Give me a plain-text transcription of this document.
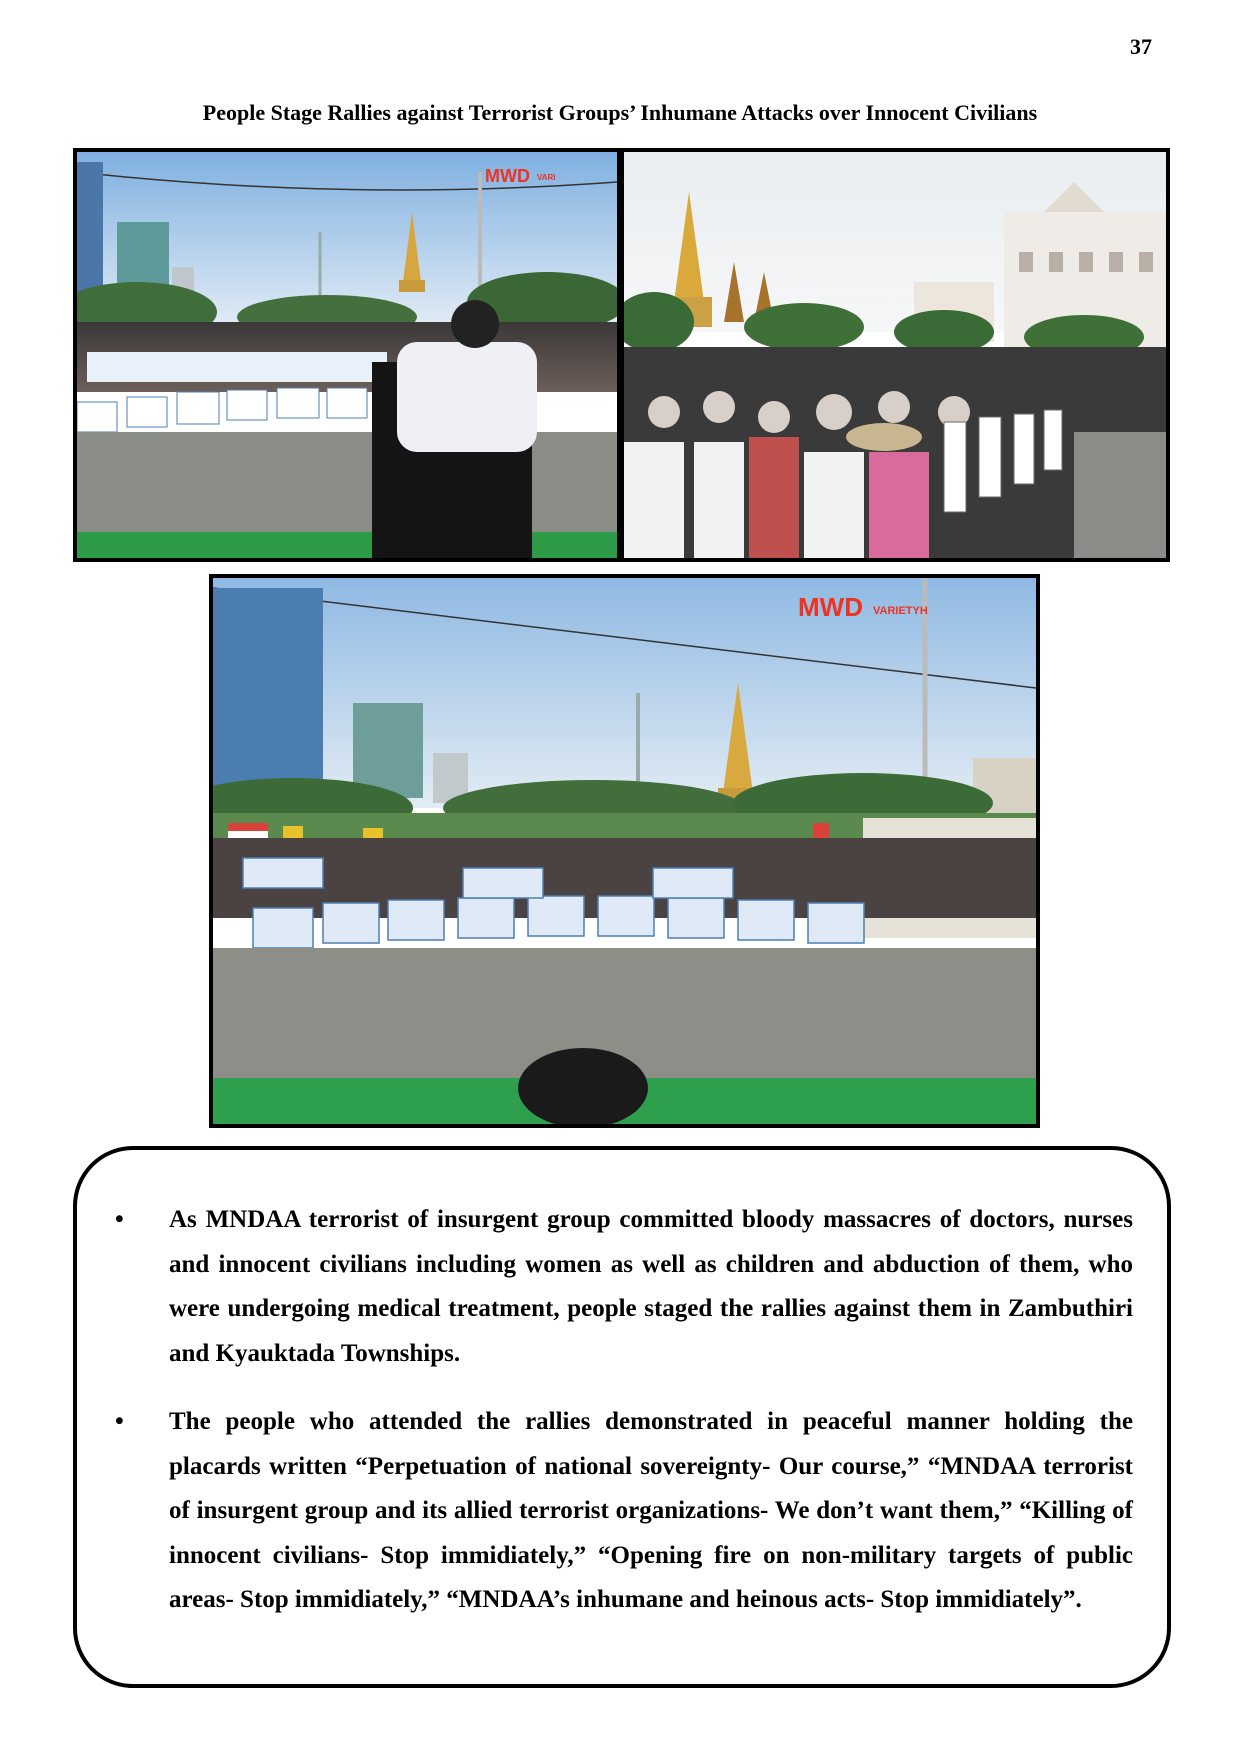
37
People Stage Rallies against Terrorist Groups’ Inhumane Attacks over Innocent Civilians
MWD VARI
MWD VARIETYH
• As MNDAA terrorist of insurgent group committed bloody massacres of doctors, nurses and innocent civilians including women as well as children and abduction of them, who were undergoing medical treatment, people staged the rallies against them in Zambuthiri and Kyauktada Townships.
• The people who attended the rallies demonstrated in peaceful manner holding the placards written “Perpetuation of national sovereignty- Our course,” “MNDAA terrorist of insurgent group and its allied terrorist organizations- We don’t want them,” “Killing of innocent civilians- Stop immidiately,” “Opening fire on non-military targets of public areas- Stop immidiately,” “MNDAA’s inhumane and heinous acts- Stop immidiately”.
